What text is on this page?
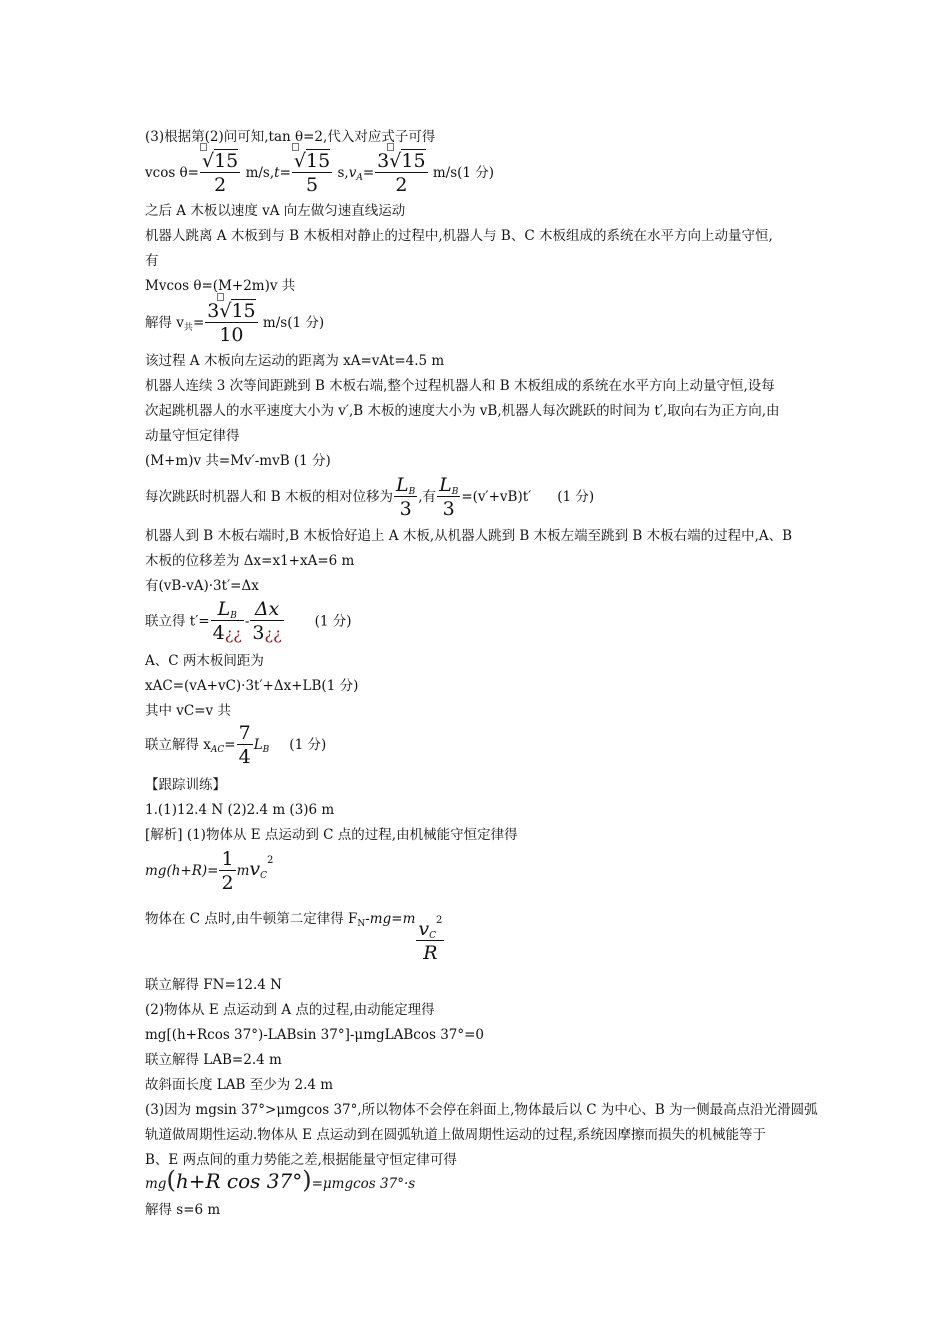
(3)根据第(2)问可知,tan θ=2,代入对应式子可得
vcos $\theta= \frac{√15}{2} m/s,t= \frac{√15}{5} s,v_A= 3$
√15
2 m/s(1 分)
之后 A 木板以速度 vA 向左做匀速直线运动
机器人跳离 A 木板到与 B 木板相对静止的过程中,机器人与 B、C 木板组成的系统在水平方向上动量守恒,
有
Mvcos θ=(M+2m)v 共
解得 $v_共= 3$
√15
10 m/s(1 分)
该过程 A 木板向左运动的距离为 xA=vAt=4.5 m
机器人连续 3 次等间距跳到 B 木板右端,整个过程机器人和 B 木板组成的系统在水平方向上动量守恒,设每
次起跳机器人的水平速度大小为 v′,B 木板的速度大小为 vB,机器人每次跳跃的时间为 t′,取向右为正方向,由
动量守恒定律得
(M+m)v 共=Mv′-mvB (1 分)
每次跳跃时机器人和 B 木板的相对位移为 $\frac{L_B}{3}$ ,有 $\frac{L_B}{3} =(v'+vB)t'$ (1 分)
机器人到 B 木板右端时,B 木板恰好追上 A 木板,从机器人跳到 B 木板左端至跳到 B 木板右端的过程中,A、B
木板的位移差为 Δx=x1+xA=6 m
有(vB-vA)·3t′=Δx
联立得 $t'= \frac{L_B}{4¿¿} - \frac{\Delta x}{3¿¿} (1$ 分)
A、C 两木板间距为
xAC=(vA+vC)·3t′+Δx+LB(1 分)
其中 vC=v 共
联立解得 $x_{AC}= \frac{7}{4} L_B$ (1 分)
【跟踪训练】
1.(1)12.4 N (2)2.4 m (3)6 m
[解析] (1)物体从 E 点运动到 C 点的过程,由机械能守恒定律得
$mg(h+R)= \frac{1}{2} mv_C^2$
物体在 C 点时,由牛顿第二定律得 $F_N-mg=m \frac{v_C^2}{R}$
联立解得 FN=12.4 N
(2)物体从 E 点运动到 A 点的过程,由动能定理得
mg[(h+Rcos 37°)-LABsin 37°]-μmgLABcos 37°=0
联立解得 LAB=2.4 m
故斜面长度 LAB 至少为 2.4 m
(3)因为 mgsin 37°>μmgcos 37°,所以物体不会停在斜面上,物体最后以 C 为中心、B 为一侧最高点沿光滑圆弧
轨道做周期性运动.物体从 E 点运动到在圆弧轨道上做周期性运动的过程,系统因摩擦而损失的机械能等于
B、E 两点间的重力势能之差,根据能量守恒定律可得
mg(h+R cos 37°)=μmgcos 37°·s
解得 s=6 m
